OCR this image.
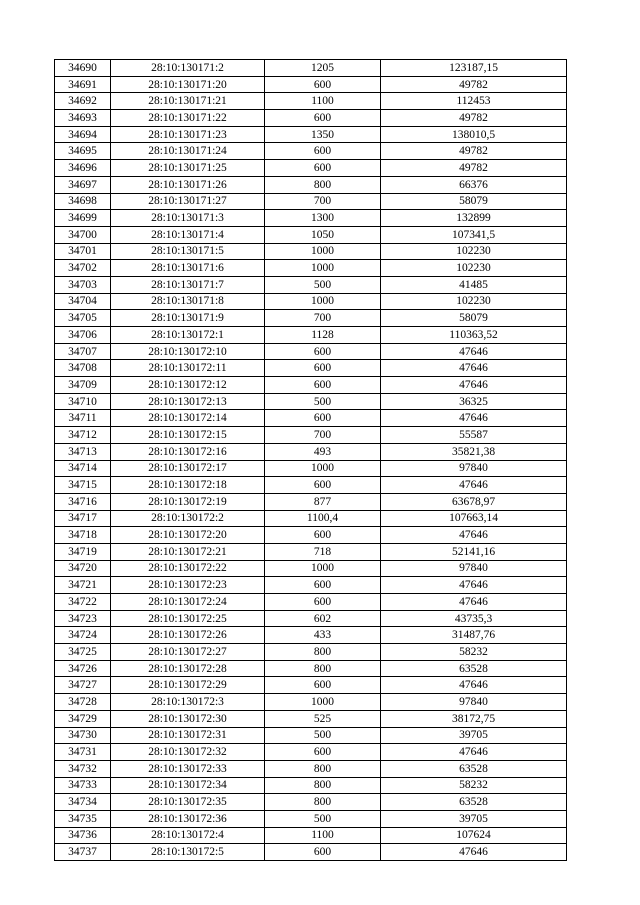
34690	28:10:130171:2	1205	123187,15
34691	28:10:130171:20	600	49782
34692	28:10:130171:21	1100	112453
34693	28:10:130171:22	600	49782
34694	28:10:130171:23	1350	138010,5
34695	28:10:130171:24	600	49782
34696	28:10:130171:25	600	49782
34697	28:10:130171:26	800	66376
34698	28:10:130171:27	700	58079
34699	28:10:130171:3	1300	132899
34700	28:10:130171:4	1050	107341,5
34701	28:10:130171:5	1000	102230
34702	28:10:130171:6	1000	102230
34703	28:10:130171:7	500	41485
34704	28:10:130171:8	1000	102230
34705	28:10:130171:9	700	58079
34706	28:10:130172:1	1128	110363,52
34707	28:10:130172:10	600	47646
34708	28:10:130172:11	600	47646
34709	28:10:130172:12	600	47646
34710	28:10:130172:13	500	36325
34711	28:10:130172:14	600	47646
34712	28:10:130172:15	700	55587
34713	28:10:130172:16	493	35821,38
34714	28:10:130172:17	1000	97840
34715	28:10:130172:18	600	47646
34716	28:10:130172:19	877	63678,97
34717	28:10:130172:2	1100,4	107663,14
34718	28:10:130172:20	600	47646
34719	28:10:130172:21	718	52141,16
34720	28:10:130172:22	1000	97840
34721	28:10:130172:23	600	47646
34722	28:10:130172:24	600	47646
34723	28:10:130172:25	602	43735,3
34724	28:10:130172:26	433	31487,76
34725	28:10:130172:27	800	58232
34726	28:10:130172:28	800	63528
34727	28:10:130172:29	600	47646
34728	28:10:130172:3	1000	97840
34729	28:10:130172:30	525	38172,75
34730	28:10:130172:31	500	39705
34731	28:10:130172:32	600	47646
34732	28:10:130172:33	800	63528
34733	28:10:130172:34	800	58232
34734	28:10:130172:35	800	63528
34735	28:10:130172:36	500	39705
34736	28:10:130172:4	1100	107624
34737	28:10:130172:5	600	47646
